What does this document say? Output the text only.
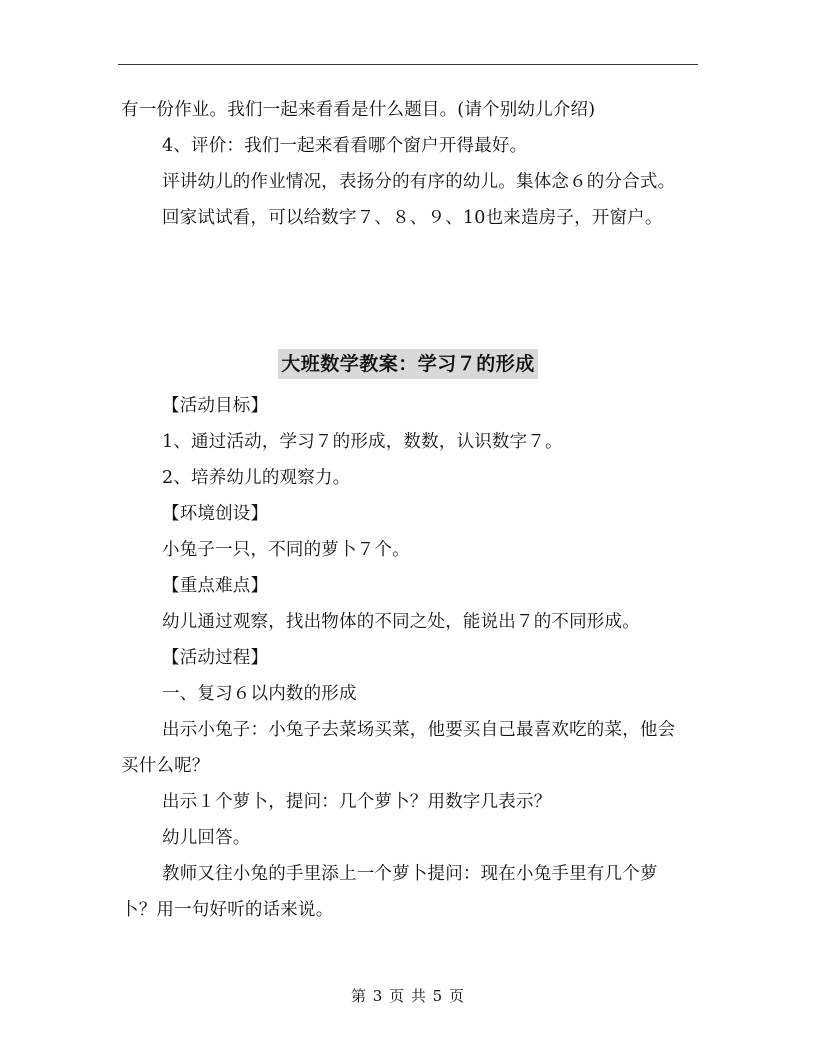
有一份作业。我们一起来看看是什么题目。(请个别幼儿介绍)
4、评价：我们一起来看看哪个窗户开得最好。
评讲幼儿的作业情况，表扬分的有序的幼儿。集体念６的分合式。
回家试试看，可以给数字７、８、９、10也来造房子，开窗户。
大班数学教案：学习７的形成
【活动目标】
1、通过活动，学习７的形成，数数，认识数字７。
2、培养幼儿的观察力。
【环境创设】
小兔子一只，不同的萝卜７个。
【重点难点】
幼儿通过观察，找出物体的不同之处，能说出７的不同形成。
【活动过程】
一、复习６以内数的形成
出示小兔子：小兔子去菜场买菜，他要买自己最喜欢吃的菜，他会
买什么呢？
出示１个萝卜，提问：几个萝卜？用数字几表示？
幼儿回答。
教师又往小兔的手里添上一个萝卜提问：现在小兔手里有几个萝
卜？用一句好听的话来说。
第 3 页 共 5 页
